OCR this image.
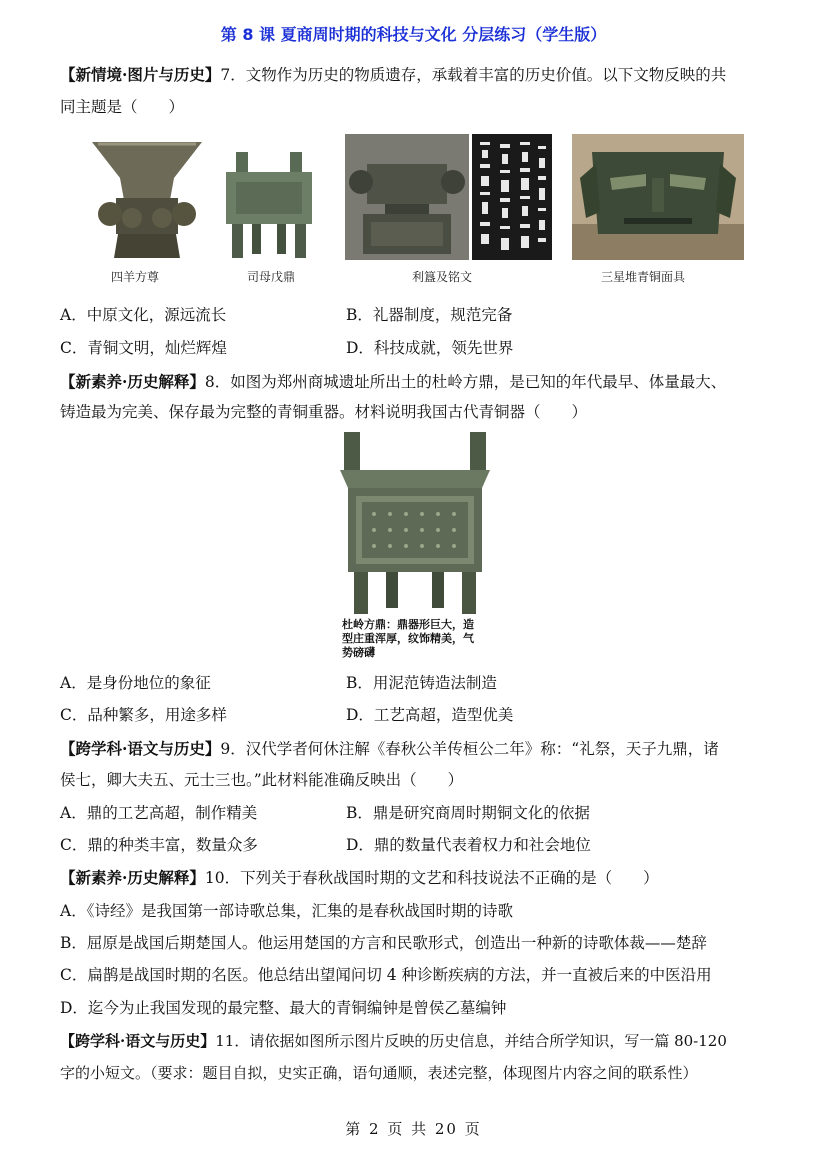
第 8 课 夏商周时期的科技与文化 分层练习（学生版）
【新情境·图片与历史】7．文物作为历史的物质遗存，承载着丰富的历史价值。以下文物反映的共
同主题是（　　）
四羊方尊	司母戊鼎	利簋及铭文	三星堆青铜面具
A．中原文化，源远流长	B．礼器制度，规范完备
C．青铜文明，灿烂辉煌	D．科技成就，领先世界
【新素养·历史解释】8．如图为郑州商城遗址所出土的杜岭方鼎，是已知的年代最早、体量最大、
铸造最为完美、保存最为完整的青铜重器。材料说明我国古代青铜器（　　）
杜岭方鼎：鼎器形巨大，造型庄重浑厚，纹饰精美，气势磅礴
A．是身份地位的象征	B．用泥范铸造法制造
C．品种繁多，用途多样	D．工艺高超，造型优美
【跨学科·语文与历史】9．汉代学者何休注解《春秋公羊传桓公二年》称：“礼祭，天子九鼎，诸
侯七，卿大夫五、元士三也。”此材料能准确反映出（　　）
A．鼎的工艺高超，制作精美	B．鼎是研究商周时期铜文化的依据
C．鼎的种类丰富，数量众多	D．鼎的数量代表着权力和社会地位
【新素养·历史解释】10．下列关于春秋战国时期的文艺和科技说法不正确的是（　　）
A．《诗经》是我国第一部诗歌总集，汇集的是春秋战国时期的诗歌
B．屈原是战国后期楚国人。他运用楚国的方言和民歌形式，创造出一种新的诗歌体裁——楚辞
C．扁鹊是战国时期的名医。他总结出望闻问切 4 种诊断疾病的方法，并一直被后来的中医沿用
D．迄今为止我国发现的最完整、最大的青铜编钟是曾侯乙墓编钟
【跨学科·语文与历史】11．请依据如图所示图片反映的历史信息，并结合所学知识，写一篇 80-120
字的小短文。（要求：题目自拟，史实正确，语句通顺，表述完整，体现图片内容之间的联系性）
第 2 页 共 20 页
